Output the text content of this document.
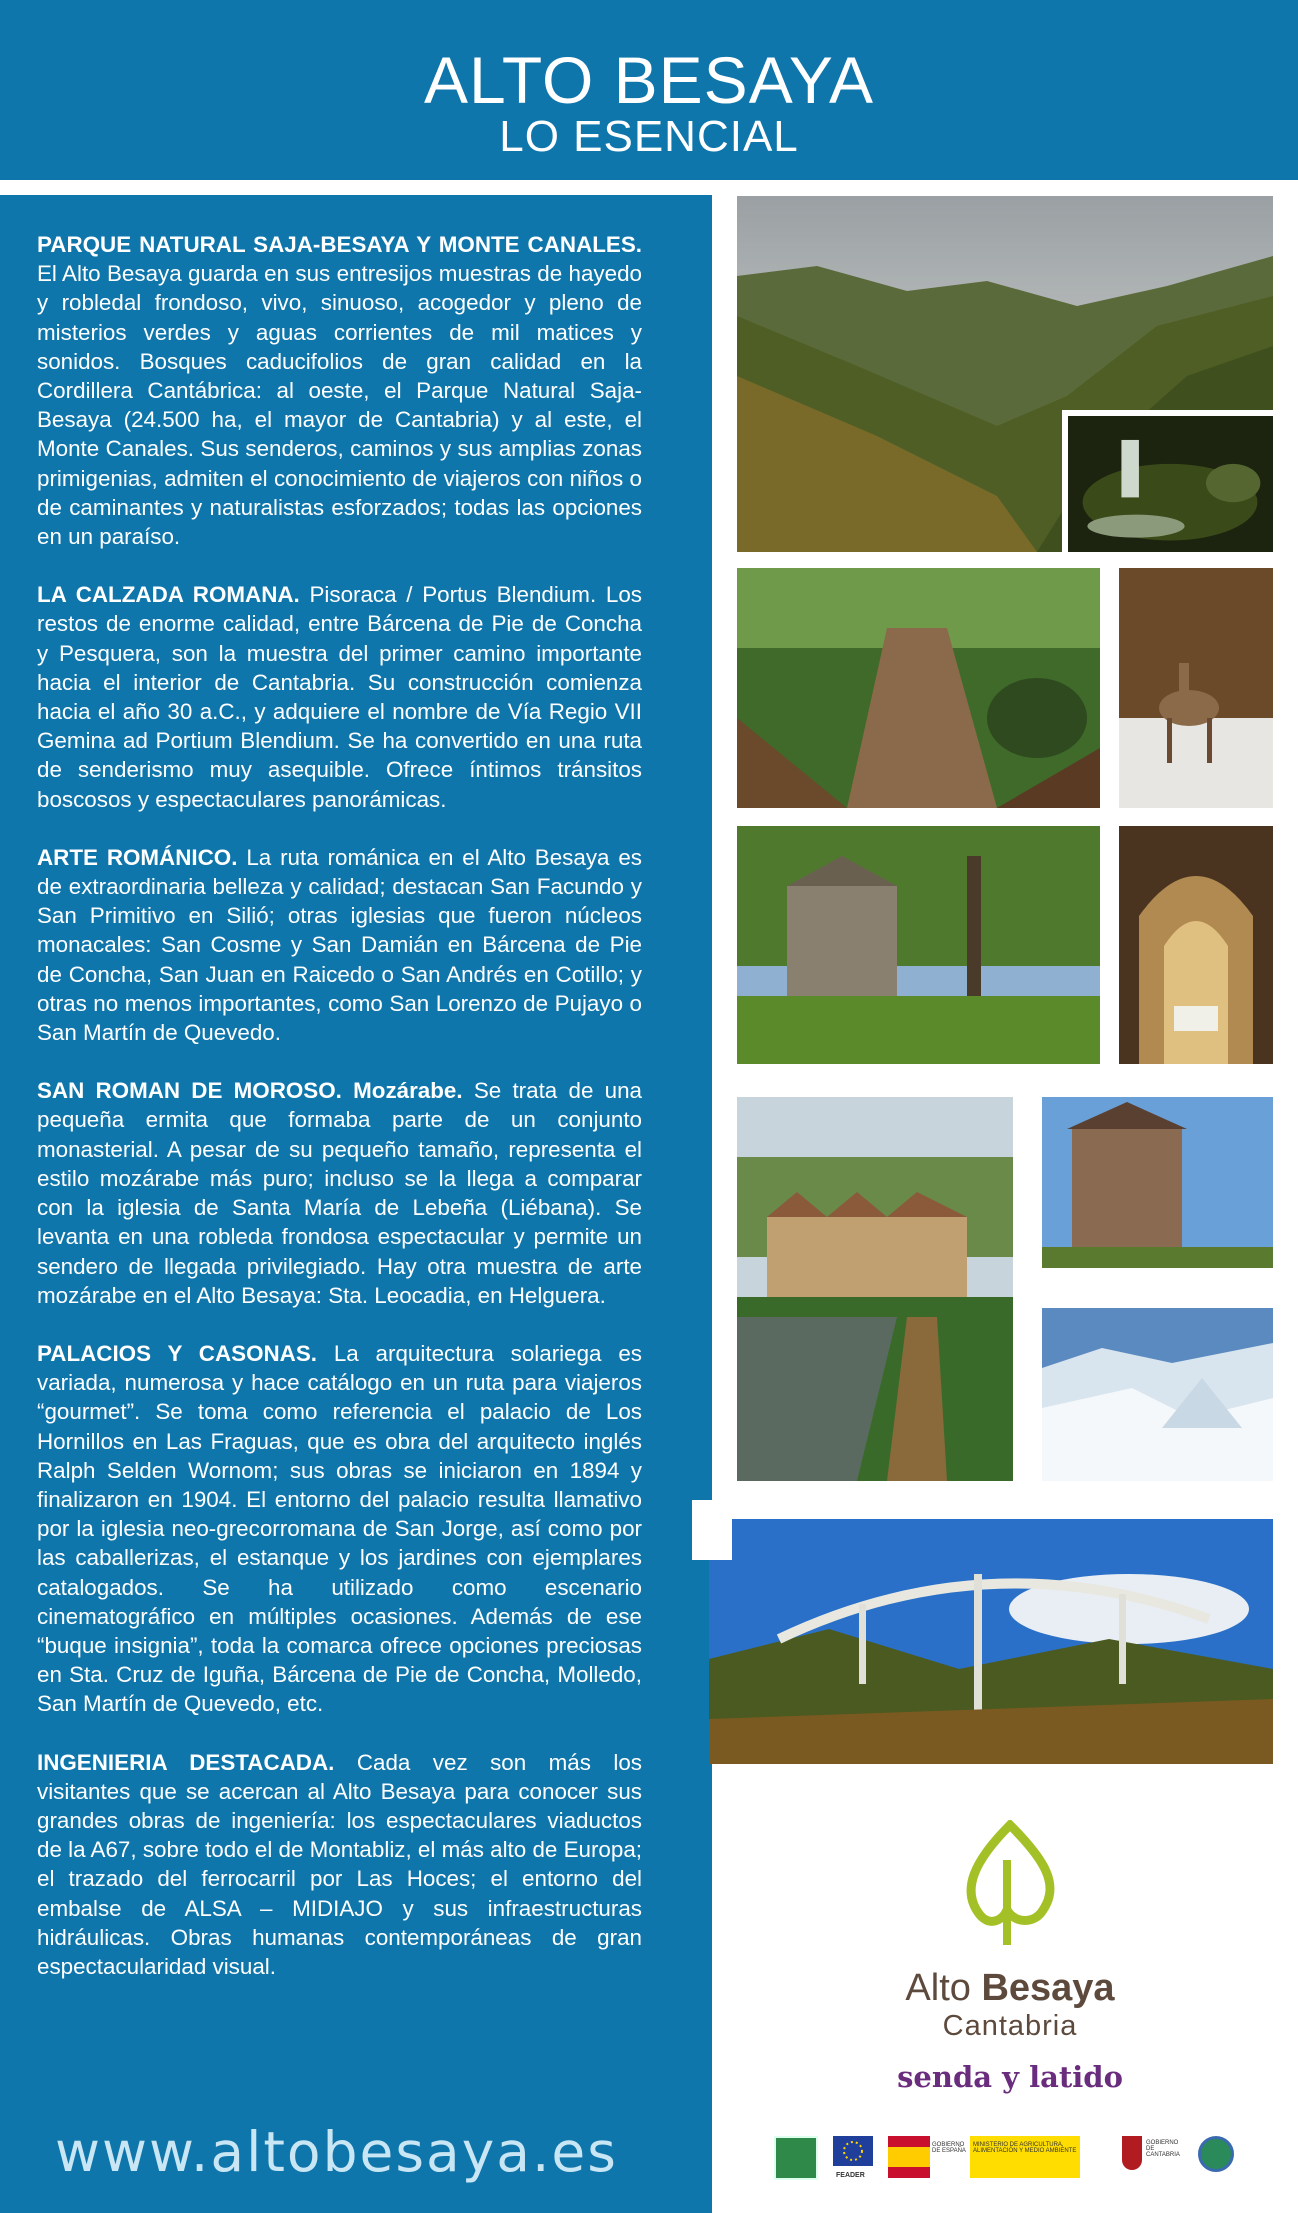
ALTO BESAYA
LO ESENCIAL

PARQUE NATURAL SAJA-BESAYA Y MONTE CANALES. El Alto Besaya guarda en sus entresijos muestras de hayedo y robledal frondoso, vivo, sinuoso, acogedor y pleno de misterios verdes y aguas corrientes de mil matices y sonidos. Bosques caducifolios de gran calidad en la Cordillera Cantábrica: al oeste, el Parque Natural Saja-Besaya (24.500 ha, el mayor de Cantabria) y al este, el Monte Canales. Sus senderos, caminos y sus amplias zonas primigenias, admiten el conocimiento de viajeros con niños o de caminantes y naturalistas esforzados; todas las opciones en un paraíso.

LA CALZADA ROMANA. Pisoraca / Portus Blendium. Los restos de enorme calidad, entre Bárcena de Pie de Concha y Pesquera, son la muestra del primer camino importante hacia el interior de Cantabria. Su construcción comienza hacia el año 30 a.C., y adquiere el nombre de Vía Regio VII Gemina ad Portium Blendium. Se ha convertido en una ruta de senderismo muy asequible. Ofrece íntimos tránsitos boscosos y espectaculares panorámicas.

ARTE ROMÁNICO. La ruta románica en el Alto Besaya es de extraordinaria belleza y calidad; destacan San Facundo y San Primitivo en Silió; otras iglesias que fueron núcleos monacales: San Cosme y San Damián en Bárcena de Pie de Concha, San Juan en Raicedo o San Andrés en Cotillo; y otras no menos importantes, como San Lorenzo de Pujayo o San Martín de Quevedo.

SAN ROMAN DE MOROSO. Mozárabe. Se trata de una pequeña ermita que formaba parte de un conjunto monasterial. A pesar de su pequeño tamaño, representa el estilo mozárabe más puro; incluso se la llega a comparar con la iglesia de Santa María de Lebeña (Liébana). Se levanta en una robleda frondosa espectacular y permite un sendero de llegada privilegiado. Hay otra muestra de arte mozárabe en el Alto Besaya: Sta. Leocadia, en Helguera.

PALACIOS Y CASONAS. La arquitectura solariega es variada, numerosa y hace catálogo en un ruta para viajeros “gourmet”. Se toma como referencia el palacio de Los Hornillos en Las Fraguas, que es obra del arquitecto inglés Ralph Selden Wornom; sus obras se iniciaron en 1894 y finalizaron en 1904. El entorno del palacio resulta llamativo por la iglesia neo-grecorromana de San Jorge, así como por las caballerizas, el estanque y los jardines con ejemplares catalogados. Se ha utilizado como escenario cinematográfico en múltiples ocasiones. Además de ese “buque insignia”, toda la comarca ofrece opciones preciosas en Sta. Cruz de Iguña, Bárcena de Pie de Concha, Molledo, San Martín de Quevedo, etc.

INGENIERIA DESTACADA. Cada vez son más los visitantes que se acercan al Alto Besaya para conocer sus grandes obras de ingeniería: los espectaculares viaductos de la A67, sobre todo el de Montabliz, el más alto de Europa; el trazado del ferrocarril por Las Hoces; el entorno del embalse de ALSA – MIDIAJO y sus infraestructuras hidráulicas. Obras humanas contemporáneas de gran espectacularidad visual.

www.altobesaya.es
Alto Besaya
Cantabria
senda y latido
FEADER
GOBIERNO DE ESPAÑA
MINISTERIO DE AGRICULTURA, ALIMENTACIÓN Y MEDIO AMBIENTE
GOBIERNO DE CANTABRIA
